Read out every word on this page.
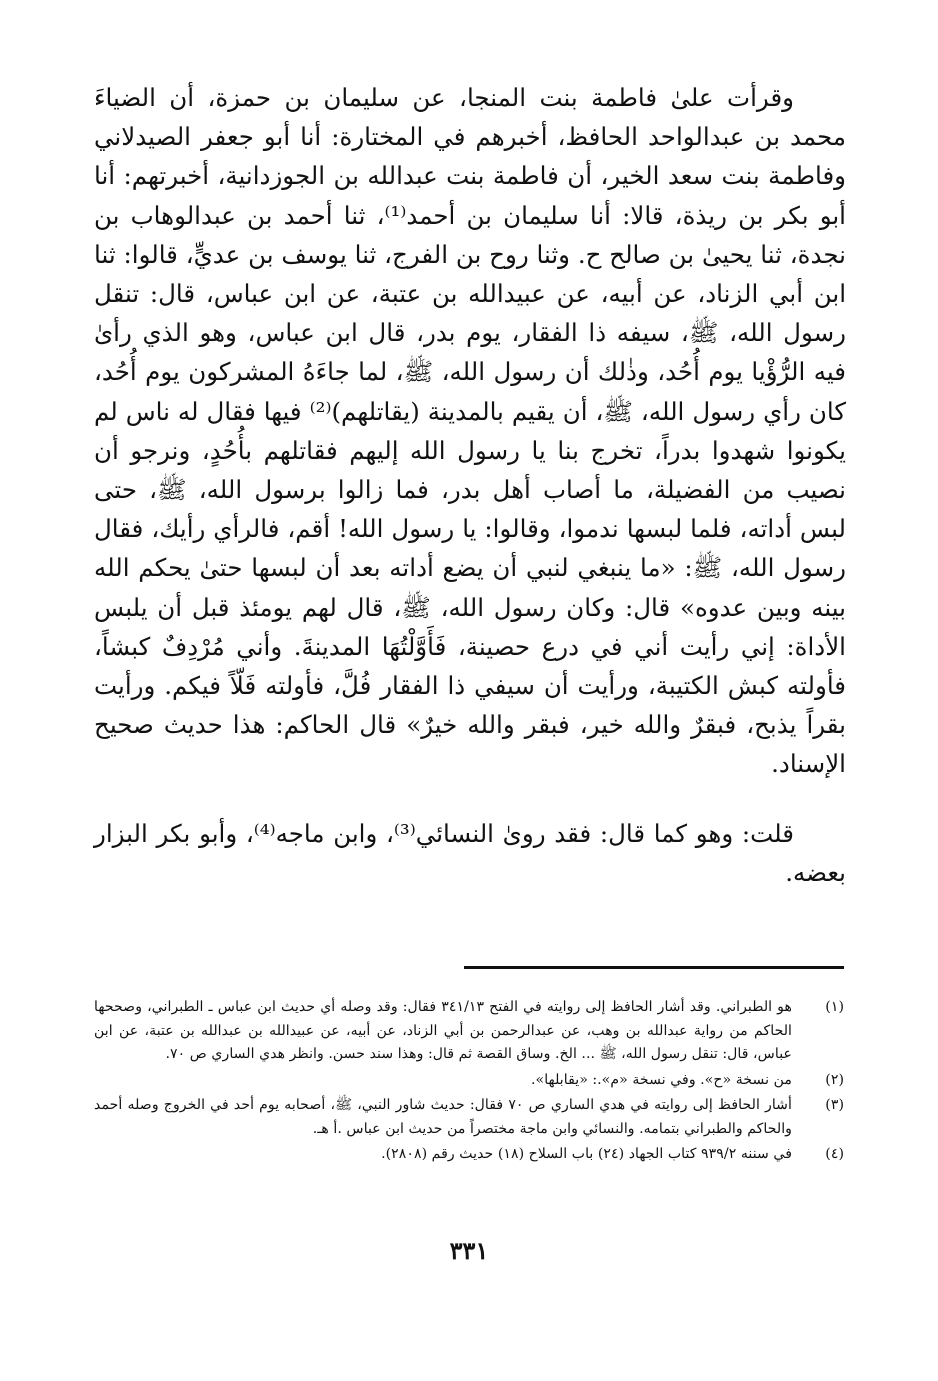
وقرأت علىٰ فاطمة بنت المنجا، عن سليمان بن حمزة، أن الضياءَ محمد بن عبدالواحد الحافظ، أخبرهم في المختارة: أنا أبو جعفر الصيدلاني وفاطمة بنت سعد الخير، أن فاطمة بنت عبدالله بن الجوزدانية، أخبرتهم: أنا أبو بكر بن ريذة، قالا: أنا سليمان بن أحمد⁽¹⁾، ثنا أحمد بن عبدالوهاب بن نجدة، ثنا يحيىٰ بن صالح ح. وثنا روح بن الفرج، ثنا يوسف بن عديٍّ، قالوا: ثنا ابن أبي الزناد، عن أبيه، عن عبيدالله بن عتبة، عن ابن عباس، قال: تنقل رسول الله، ﷺ، سيفه ذا الفقار، يوم بدر، قال ابن عباس، وهو الذي رأىٰ فيه الرُّؤْيا يوم أُحُد، وذٰلك أن رسول الله، ﷺ، لما جاءَهُ المشركون يوم أُحُد، كان رأي رسول الله، ﷺ، أن يقيم بالمدينة (يقاتلهم)⁽²⁾ فيها فقال له ناس لم يكونوا شهدوا بدراً، تخرج بنا يا رسول الله إليهم فقاتلهم بأُحُدٍ، ونرجو أن نصيب من الفضيلة، ما أصاب أهل بدر، فما زالوا برسول الله، ﷺ، حتى لبس أداته، فلما لبسها ندموا، وقالوا: يا رسول الله! أقم، فالرأي رأيك، فقال رسول الله، ﷺ: «ما ينبغي لنبي أن يضع أداته بعد أن لبسها حتىٰ يحكم الله بينه وبين عدوه» قال: وكان رسول الله، ﷺ، قال لهم يومئذ قبل أن يلبس الأداة: إني رأيت أني في درع حصينة، فَأَوَّلْتُهَا المدينةَ. وأني مُرْدِفٌ كبشاً، فأولته كبش الكتيبة، ورأيت أن سيفي ذا الفقار فُلَّ، فأولته فَلّاً فيكم. ورأيت بقراً يذبح، فبقرٌ والله خير، فبقر والله خيرٌ» قال الحاكم: هذا حديث صحيح الإسناد.

قلت: وهو كما قال: فقد روىٰ النسائي⁽³⁾، وابن ماجه⁽⁴⁾، وأبو بكر البزار بعضه.

(١)
هو الطبراني. وقد أشار الحافظ إلى روايته في الفتح ٣٤١/١٣ فقال: وقد وصله أي حديث ابن عباس ـ الطبراني، وصححها الحاكم من رواية عبدالله بن وهب، عن عبدالرحمن بن أبي الزناد، عن أبيه، عن عبيدالله بن عبدالله بن عتبة، عن ابن عباس، قال: تنقل رسول الله، ﷺ ... الخ. وساق القصة ثم قال: وهذا سند حسن. وانظر هدي الساري ص ٧٠.
(٢)
من نسخة «ح». وفي نسخة «م».: «يقابلها».
(٣)
أشار الحافظ إلى روايته في هدي الساري ص ٧٠ فقال: حديث شاور النبي، ﷺ، أصحابه يوم أحد في الخروج وصله أحمد والحاكم والطبراني بتمامه. والنسائي وابن ماجة مختصراً من حديث ابن عباس .أ هـ.
(٤)
في سننه ٩٣٩/٢ كتاب الجهاد (٢٤) باب السلاح (١٨) حديث رقم (٢٨٠٨).
٣٣١
